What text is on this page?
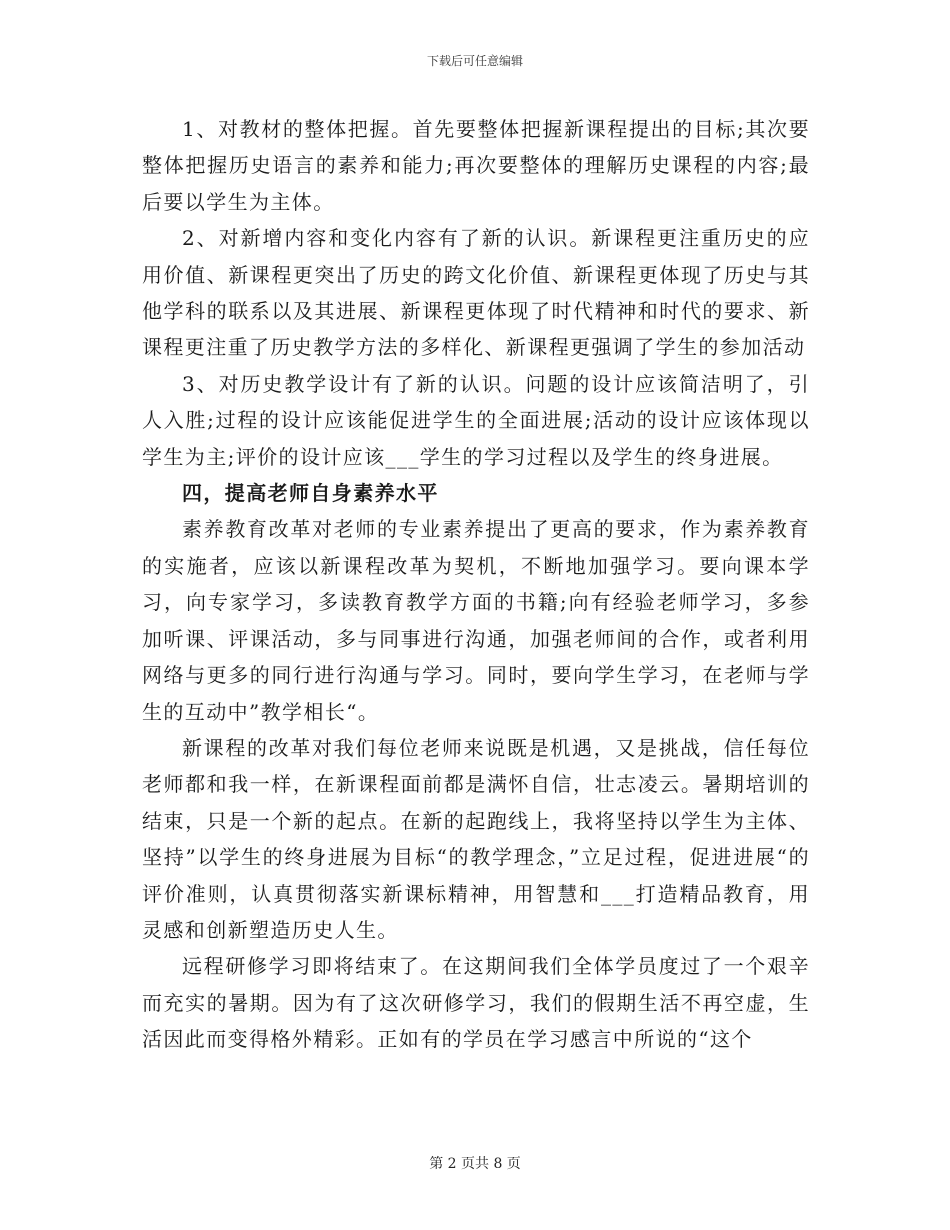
下载后可任意编辑

1、对教材的整体把握。首先要整体把握新课程提出的目标;其次要整体把握历史语言的素养和能力;再次要整体的理解历史课程的内容;最后要以学生为主体。

2、对新增内容和变化内容有了新的认识。新课程更注重历史的应用价值、新课程更突出了历史的跨文化价值、新课程更体现了历史与其他学科的联系以及其进展、新课程更体现了时代精神和时代的要求、新课程更注重了历史教学方法的多样化、新课程更强调了学生的参加活动

3、对历史教学设计有了新的认识。问题的设计应该简洁明了，引人入胜;过程的设计应该能促进学生的全面进展;活动的设计应该体现以学生为主;评价的设计应该___学生的学习过程以及学生的终身进展。

四，提高老师自身素养水平

素养教育改革对老师的专业素养提出了更高的要求，作为素养教育的实施者，应该以新课程改革为契机，不断地加强学习。要向课本学习，向专家学习，多读教育教学方面的书籍;向有经验老师学习，多参加听课、评课活动，多与同事进行沟通，加强老师间的合作，或者利用网络与更多的同行进行沟通与学习。同时，要向学生学习，在老师与学生的互动中”教学相长“。

新课程的改革对我们每位老师来说既是机遇，又是挑战，信任每位老师都和我一样，在新课程面前都是满怀自信，壮志凌云。暑期培训的结束，只是一个新的起点。在新的起跑线上，我将坚持以学生为主体、坚持”以学生的终身进展为目标“的教学理念，”立足过程，促进进展“的评价准则，认真贯彻落实新课标精神，用智慧和___打造精品教育，用灵感和创新塑造历史人生。

远程研修学习即将结束了。在这期间我们全体学员度过了一个艰辛而充实的暑期。因为有了这次研修学习，我们的假期生活不再空虚，生活因此而变得格外精彩。正如有的学员在学习感言中所说的“这个

第 2 页共 8 页
